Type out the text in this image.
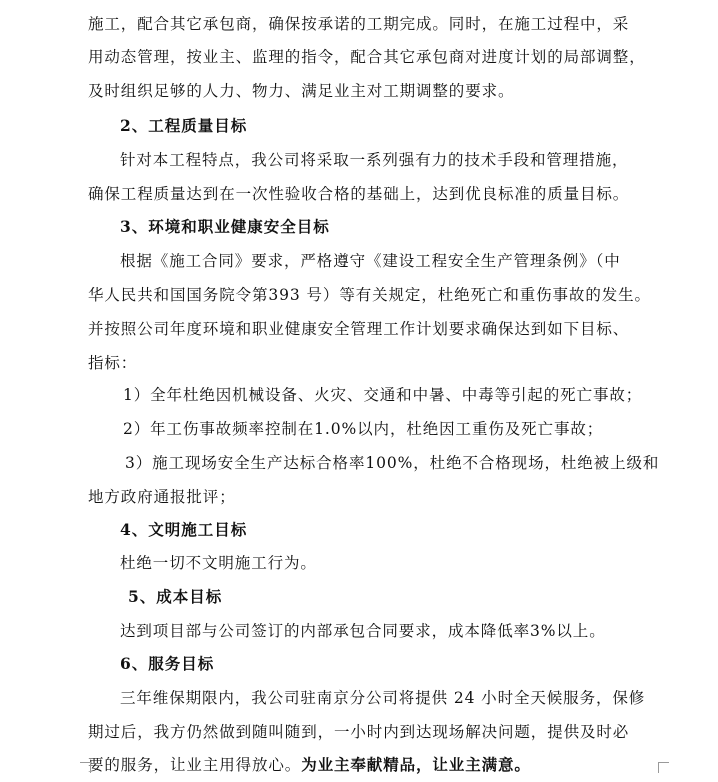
施工，配合其它承包商，确保按承诺的工期完成。同时，在施工过程中，采
用动态管理，按业主、监理的指令，配合其它承包商对进度计划的局部调整，
及时组织足够的人力、物力、满足业主对工期调整的要求。
2、工程质量目标
针对本工程特点，我公司将采取一系列强有力的技术手段和管理措施，
确保工程质量达到在一次性验收合格的基础上，达到优良标准的质量目标。
3、环境和职业健康安全目标
根据《施工合同》要求，严格遵守《建设工程安全生产管理条例》（中
华人民共和国国务院令第393 号）等有关规定，杜绝死亡和重伤事故的发生。
并按照公司年度环境和职业健康安全管理工作计划要求确保达到如下目标、
指标：
1）全年杜绝因机械设备、火灾、交通和中暑、中毒等引起的死亡事故；
2）年工伤事故频率控制在1.0%以内，杜绝因工重伤及死亡事故；
3）施工现场安全生产达标合格率100%，杜绝不合格现场，杜绝被上级和
地方政府通报批评；
4、文明施工目标
杜绝一切不文明施工行为。
5、成本目标
达到项目部与公司签订的内部承包合同要求，成本降低率3%以上。
6、服务目标
三年维保期限内，我公司驻南京分公司将提供 24 小时全天候服务，保修
期过后，我方仍然做到随叫随到，一小时内到达现场解决问题，提供及时必
要的服务，让业主用得放心。为业主奉献精品，让业主满意。
